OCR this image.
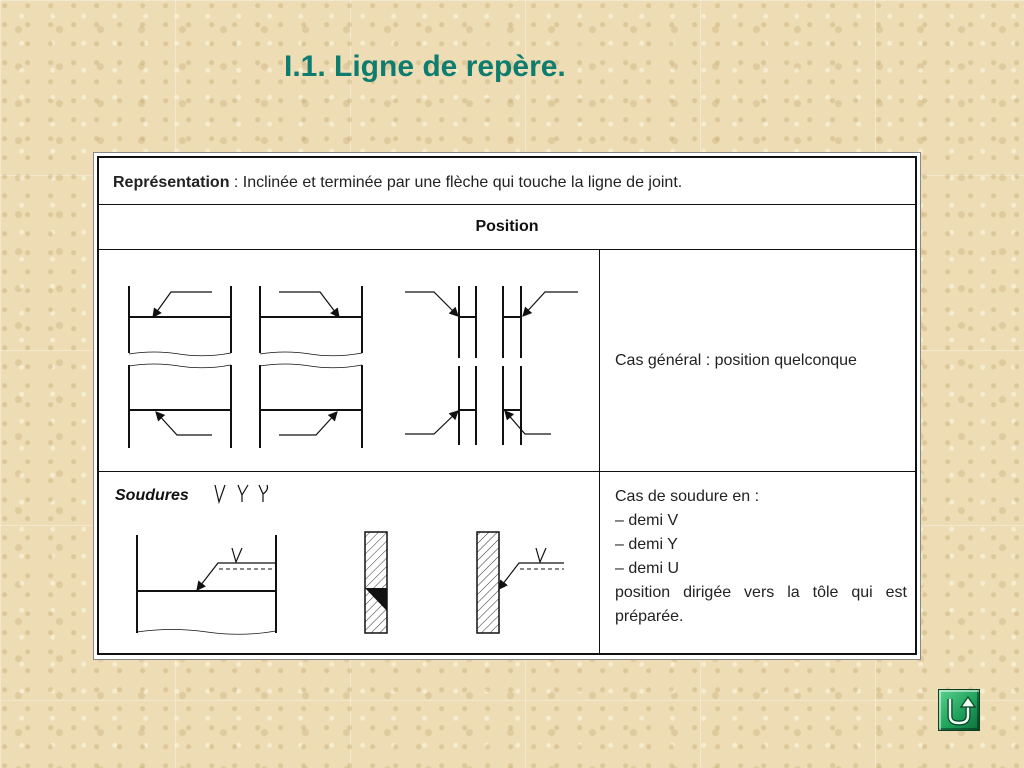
I.1. Ligne de repère.
Représentation : Inclinée et terminée par une flèche qui touche la ligne de joint.
Position
Cas général : position quelconque
Soudures	Cas de soudure en :
– demi V
– demi Y
– demi U
position dirigée vers la tôle qui est préparée.
